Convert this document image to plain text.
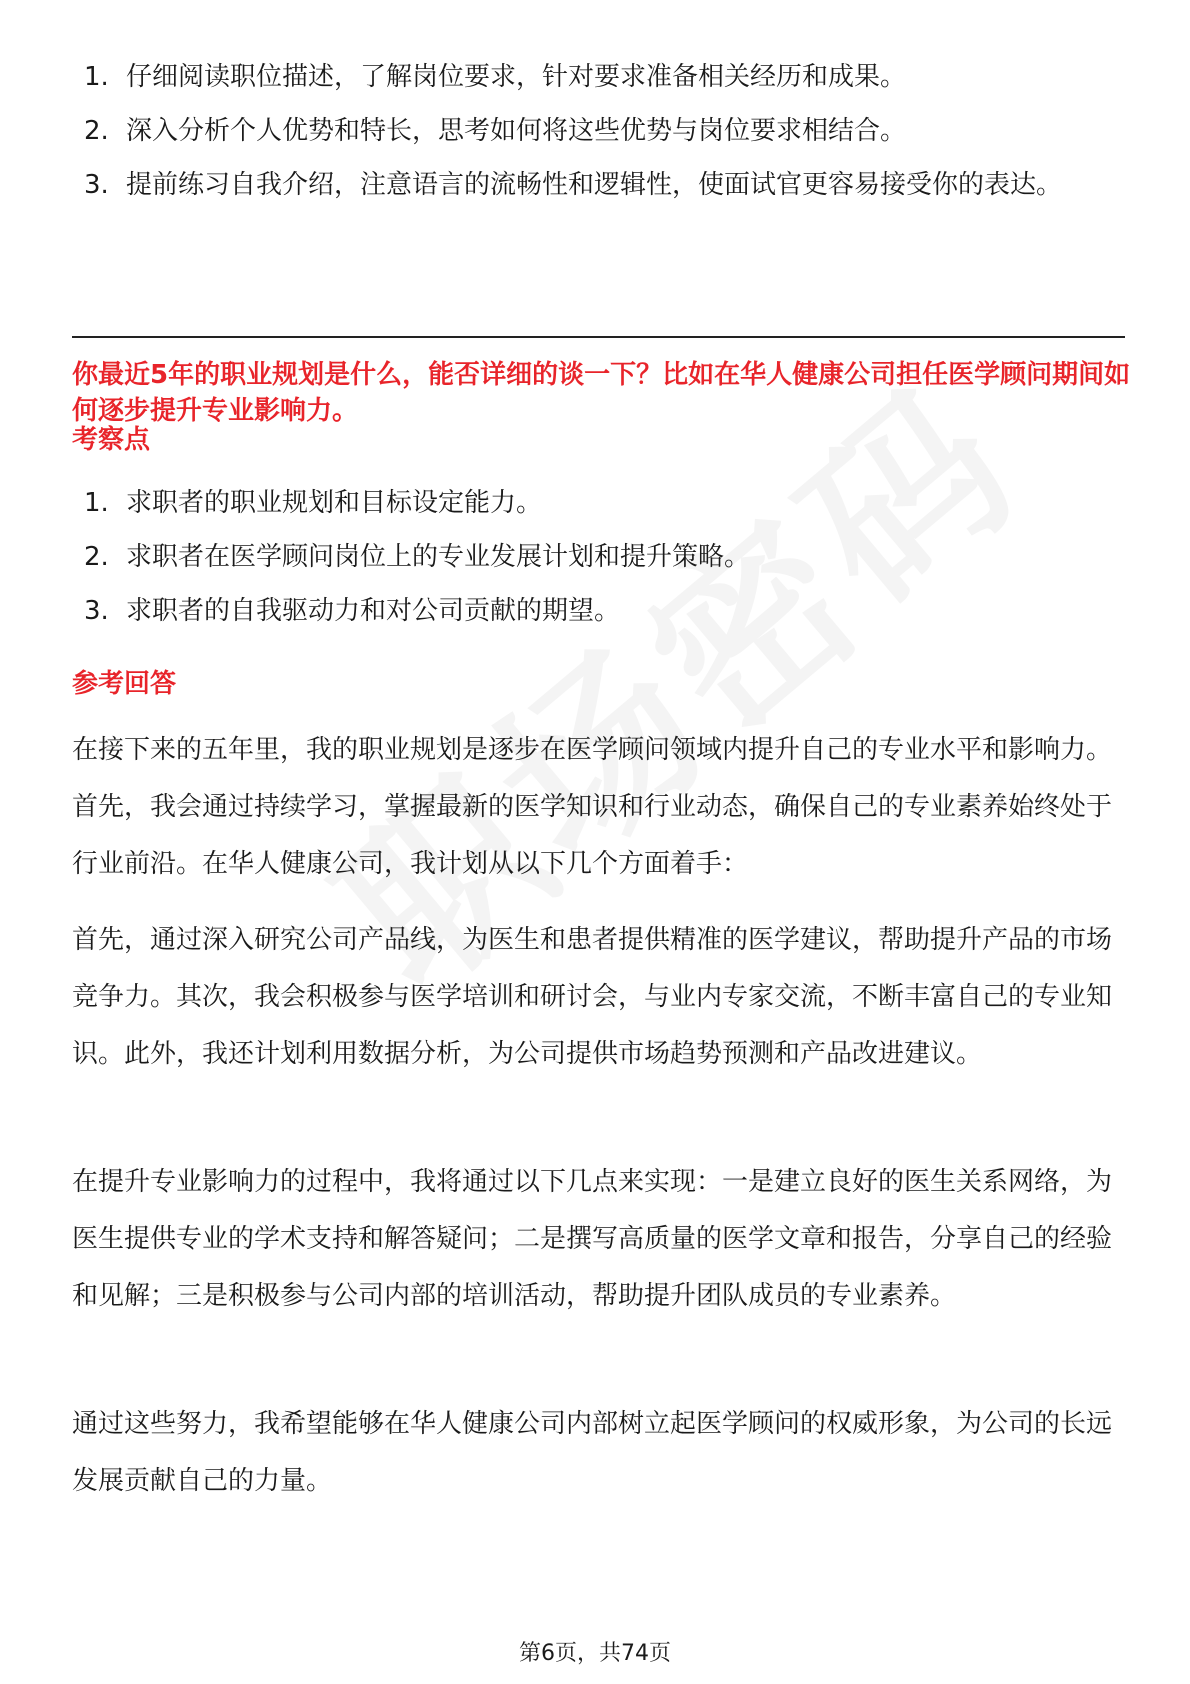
1. 仔细阅读职位描述，了解岗位要求，针对要求准备相关经历和成果。
2. 深入分析个人优势和特长，思考如何将这些优势与岗位要求相结合。
3. 提前练习自我介绍，注意语言的流畅性和逻辑性，使面试官更容易接受你的表达。

你最近5年的职业规划是什么，能否详细的谈一下？比如在华人健康公司担任医学顾问期间如何逐步提升专业影响力。

考察点

1. 求职者的职业规划和目标设定能力。
2. 求职者在医学顾问岗位上的专业发展计划和提升策略。
3. 求职者的自我驱动力和对公司贡献的期望。

参考回答

在接下来的五年里，我的职业规划是逐步在医学顾问领域内提升自己的专业水平和影响力。首先，我会通过持续学习，掌握最新的医学知识和行业动态，确保自己的专业素养始终处于行业前沿。在华人健康公司，我计划从以下几个方面着手：

首先，通过深入研究公司产品线，为医生和患者提供精准的医学建议，帮助提升产品的市场竞争力。其次，我会积极参与医学培训和研讨会，与业内专家交流，不断丰富自己的专业知识。此外，我还计划利用数据分析，为公司提供市场趋势预测和产品改进建议。

在提升专业影响力的过程中，我将通过以下几点来实现：一是建立良好的医生关系网络，为医生提供专业的学术支持和解答疑问；二是撰写高质量的医学文章和报告，分享自己的经验和见解；三是积极参与公司内部的培训活动，帮助提升团队成员的专业素养。

通过这些努力，我希望能够在华人健康公司内部树立起医学顾问的权威形象，为公司的长远发展贡献自己的力量。

第6页，共74页
